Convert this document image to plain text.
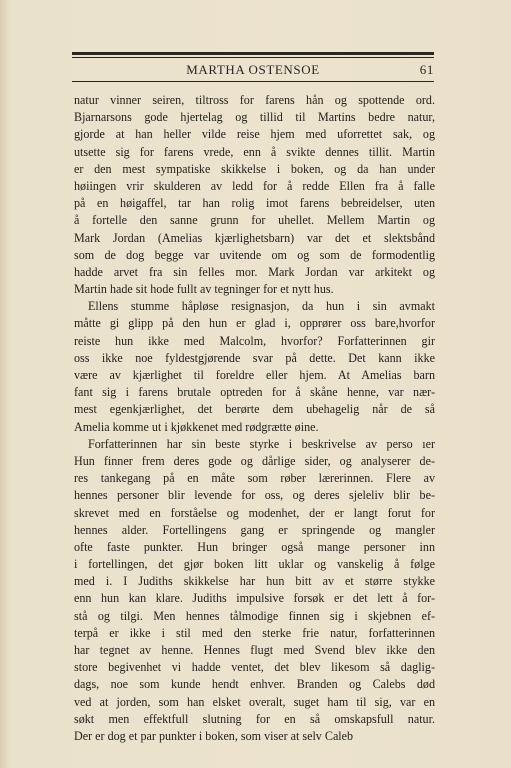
MARTHA OSTENSOE	61
natur vinner seiren, tiltross for farens hån og spottende ord.
Bjarnarsons gode hjertelag og tillid til Martins bedre natur,
gjorde at han heller vilde reise hjem med uforrettet sak, og
utsette sig for farens vrede, enn å svikte dennes tillit. Martin
er den mest sympatiske skikkelse i boken, og da han under
høiingen vrir skulderen av ledd for å redde Ellen fra å falle
på en høigaffel, tar han rolig imot farens bebreidelser, uten
å fortelle den sanne grunn for uhellet. Mellem Martin og
Mark Jordan (Amelias kjærlighetsbarn) var det et slektsbånd
som de dog begge var uvitende om og som de formodentlig
hadde arvet fra sin felles mor. Mark Jordan var arkitekt og
Martin hade sit hode fullt av tegninger for et nytt hus.
Ellens stumme håpløse resignasjon, da hun i sin avmakt
måtte gi glipp på den hun er glad i, opprører oss bare,hvorfor
reiste hun ikke med Malcolm, hvorfor? Forfatterinnen gir
oss ikke noe fyldestgjørende svar på dette. Det kann ikke
være av kjærlighet til foreldre eller hjem. At Amelias barn
fant sig i farens brutale optreden for å skåne henne, var nær-
mest egenkjærlighet, det berørte dem ubehagelig når de så
Amelia komme ut i kjøkkenet med rødgrætte øine.
Forfatterinnen har sin beste styrke i beskrivelse av perso ıer
Hun finner frem deres gode og dårlige sider, og analyserer de-
res tankegang på en måte som røber lærerinnen. Flere av
hennes personer blir levende for oss, og deres sjeleliv blir be-
skrevet med en forståelse og modenhet, der er langt forut for
hennes alder. Fortellingens gang er springende og mangler
ofte faste punkter. Hun bringer også mange personer inn
i fortellingen, det gjør boken litt uklar og vanskelig å følge
med i. I Judiths skikkelse har hun bitt av et større stykke
enn hun kan klare. Judiths impulsive forsøk er det lett å for-
stå og tilgi. Men hennes tålmodige finnen sig i skjebnen ef-
terpå er ikke i stil med den sterke frie natur, forfatterinnen
har tegnet av henne. Hennes flugt med Svend blev ikke den
store begivenhet vi hadde ventet, det blev likesom så daglig-
dags, noe som kunde hendt enhver. Branden og Calebs død
ved at jorden, som han elsket overalt, suget ham til sig, var en
søkt men effektfull slutning for en så omskapsfull natur.
Der er dog et par punkter i boken, som viser at selv Caleb
